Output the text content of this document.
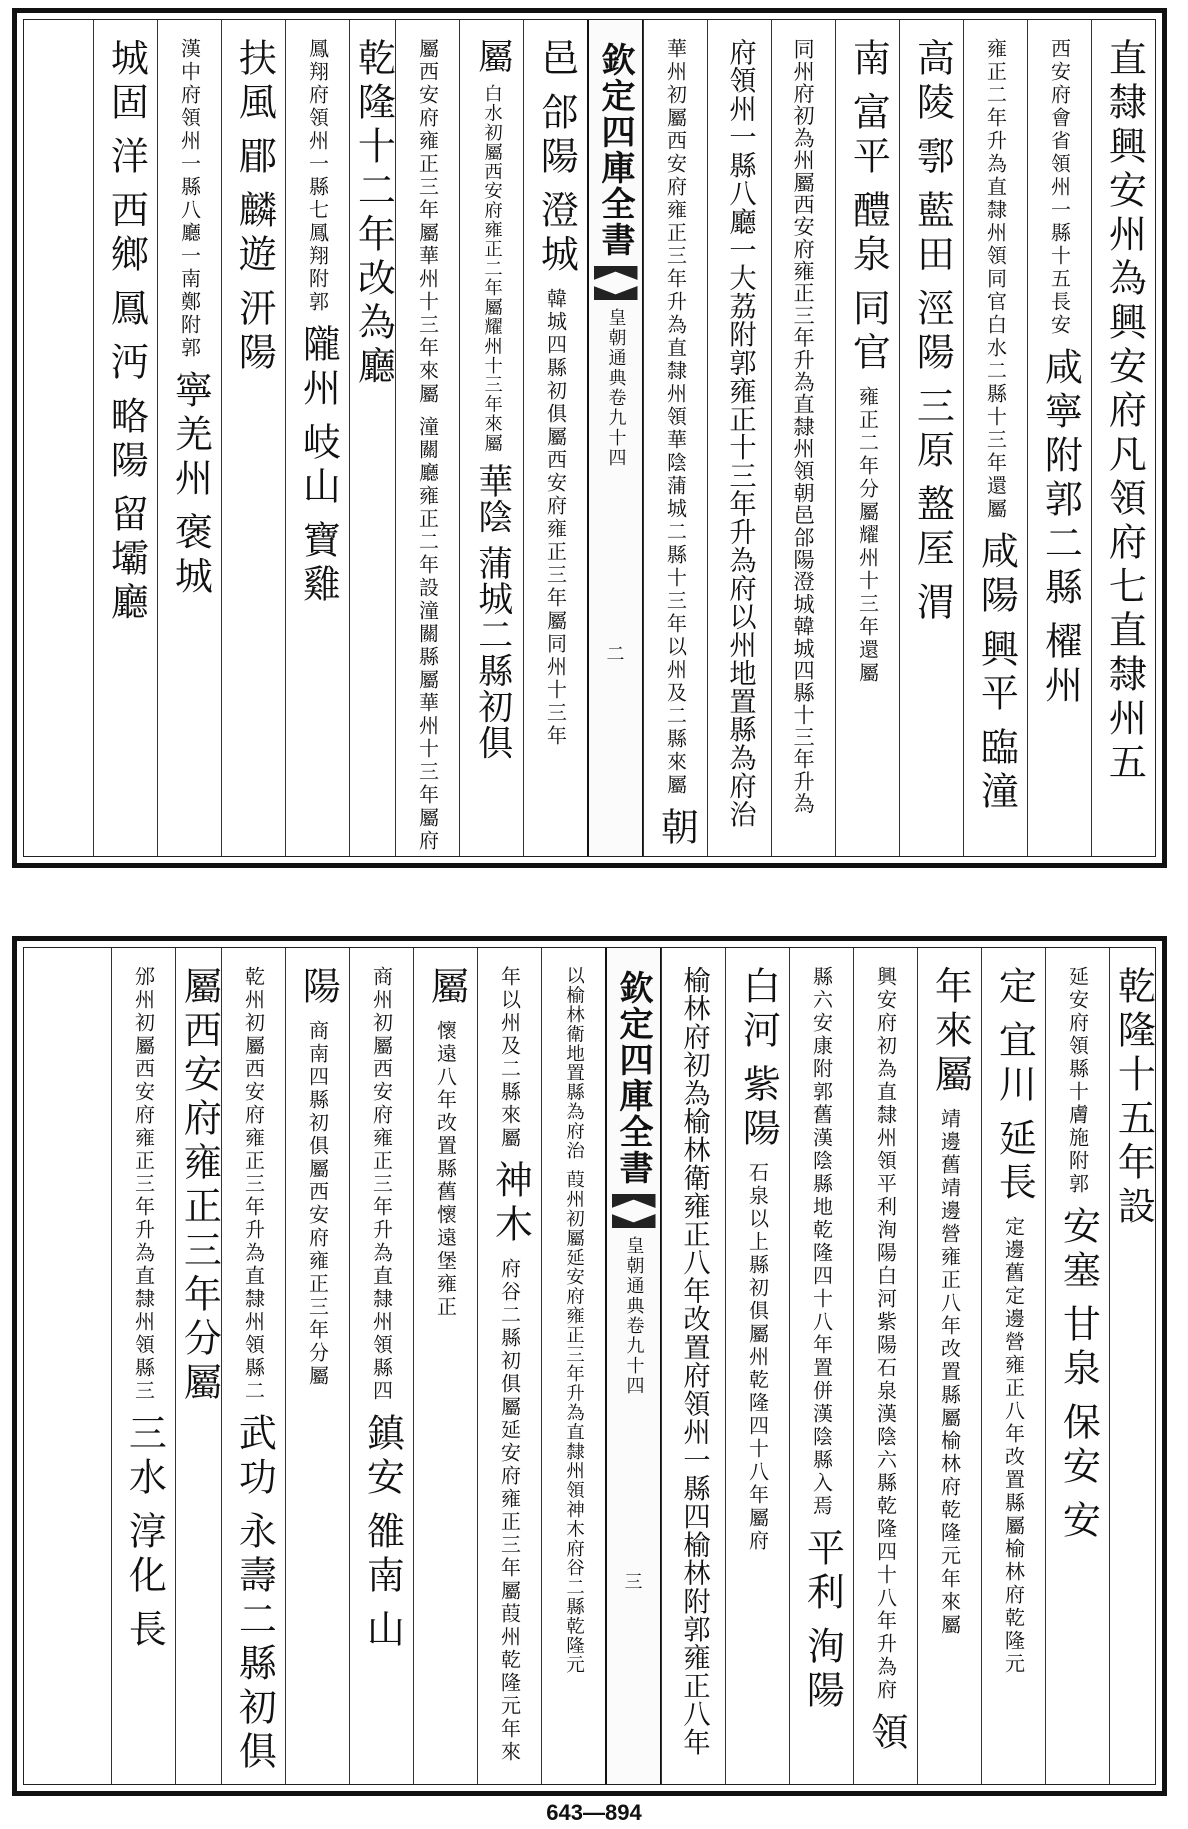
直隸興安州為興安府凡領府七直隸州五
西安府會省領州一縣十五長安
咸寧附郭二縣
櫂州
雍正二年升為直隸州領同官白水二縣十三年還屬
咸陽
興平
臨潼
高陵
鄠
藍田
涇陽
三原
盩厔
渭
南
富平
醴泉
同官
雍正二年分屬耀州十三年還屬
同州府初為州屬西安府雍正三年升為直隸州領朝邑郃陽澄城韓城四縣十三年升為
府領州一縣八廳一大荔附郭雍正十三年升為府以州地置縣為府治
華州初屬西安府雍正三年升為直隸州領華陰蒲城二縣十三年以州及二縣來屬
朝
欽定四庫全書
皇朝通典卷九十四
二
邑
郃陽
澄城
韓城四縣初俱屬西安府雍正三年屬同州十三年
屬
白水初屬西安府雍正二年屬耀州十三年來屬
華陰
蒲城二縣初俱
屬西安府雍正三年屬華州十三年來屬
潼關廳雍正二年設潼關縣屬華州十三年屬府
乾隆十二年改為廳
鳳翔府領州一縣七鳳翔附郭
隴州
岐山
寶雞
扶風
郿
麟遊
汧陽
漢中府領州一縣八廳一南鄭附郭
寧羌州
褒城
城固
洋
西鄉
鳳
沔
略陽
留壩廳
乾隆十五年設
延安府領縣十膚施附郭
安塞
甘泉
保安
安
定
宜川
延長
定邊舊定邊營雍正八年改置縣屬榆林府乾隆元
年來屬
靖邊舊靖邊營雍正八年改置縣屬榆林府乾隆元年來屬
興安府初為直隸州領平利洵陽白河紫陽石泉漢陰六縣乾隆四十八年升為府
領
縣六安康附郭舊漢陰縣地乾隆四十八年置併漢陰縣入焉
平利
洵陽
白河
紫陽
石泉以上縣初俱屬州乾隆四十八年屬府
榆林府初為榆林衛雍正八年改置府領州一縣四榆林附郭雍正八年
欽定四庫全書
皇朝通典卷九十四
三
以榆林衛地置縣為府治
葭州初屬延安府雍正三年升為直隸州領神木府谷二縣乾隆元
年以州及二縣來屬
神木
府谷二縣初俱屬延安府雍正三年屬葭州乾隆元年來
屬
懷遠八年改置縣舊懷遠堡雍正
商州初屬西安府雍正三年升為直隸州領縣四
鎮安
雒南
山
陽
商南四縣初俱屬西安府雍正三年分屬
乾州初屬西安府雍正三年升為直隸州領縣二
武功
永壽二縣初俱
屬西安府雍正三年分屬
邠州初屬西安府雍正三年升為直隸州領縣三
三水
淳化
長
643—894
